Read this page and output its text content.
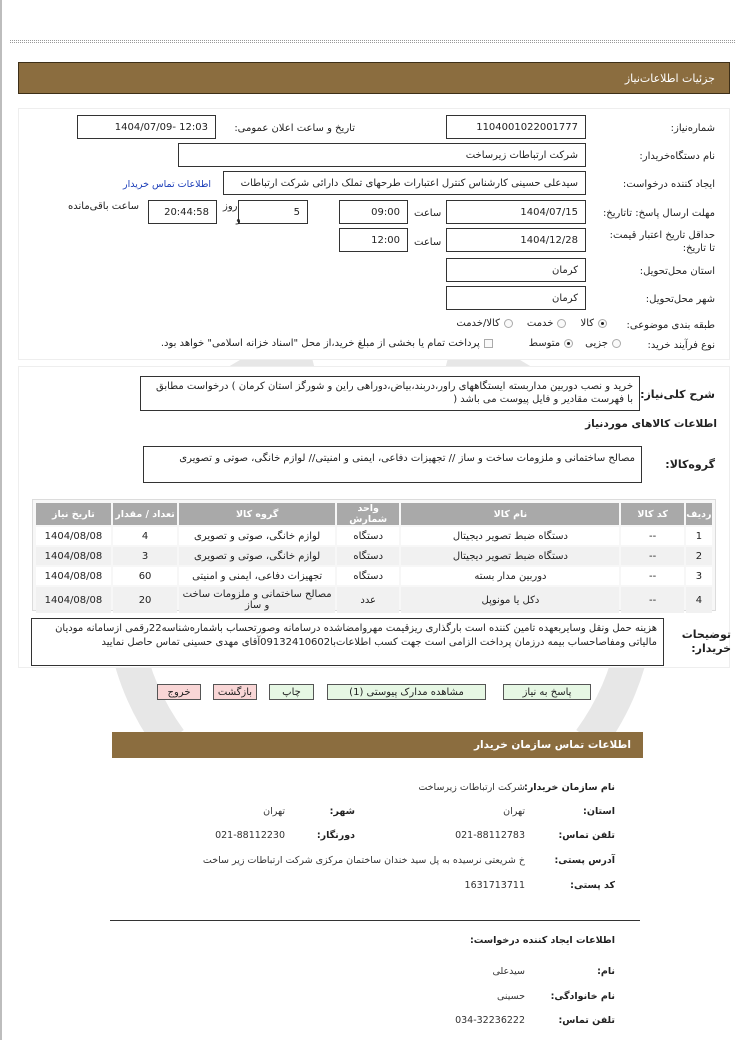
جزئیات اطلاعات‌نیاز
شماره‌نیاز:
1104001022001777
تاریخ و ساعت اعلان عمومی:
1404/07/09- 12:03
نام دستگاه‌خریدار:
شرکت ارتباطات زیرساخت
ایجاد کننده درخواست:
سیدعلی حسینی کارشناس کنترل اعتبارات طرحهای تملک دارائی شرکت ارتباطات
اطلاعات تماس خریدار
مهلت ارسال پاسخ: تاتاریخ:
1404/07/15
ساعت
09:00
5
روز
و
20:44:58
ساعت باقی‌مانده
حداقل تاریخ اعتبار قیمت: تا تاریخ:
1404/12/28
ساعت
12:00
استان محل‌تحویل:
کرمان
شهر محل‌تحویل:
کرمان
طبقه بندی موضوعی:
کالا
خدمت
کالا/خدمت
نوع فرآیند خرید:
جزیی
متوسط
پرداخت تمام یا بخشی از مبلغ خرید،از محل "اسناد خزانه اسلامی" خواهد بود.
شرح کلی‌نیاز:
خرید و نصب دوربین مداربسته ایستگاههای راور،دربند،بیاض،دوراهی راین و شورگز استان کرمان ) درخواست مطابق با فهرست مقادیر و فایل پیوست می باشد (
اطلاعات کالاهای موردنیاز
گروه‌کالا:
مصالح ساختمانی و ملزومات ساخت و ساز // تجهیزات دفاعی، ایمنی و امنیتی// لوازم خانگی، صوتی و تصویری
ردیف	کد کالا	نام کالا	واحد شمارش	گروه کالا	تعداد / مقدار	تاریخ نیاز
1	--	دستگاه ضبط تصویر دیجیتال	دستگاه	لوازم خانگی، صوتی و تصویری	4	1404/08/08
2	--	دستگاه ضبط تصویر دیجیتال	دستگاه	لوازم خانگی، صوتی و تصویری	3	1404/08/08
3	--	دوربین مدار بسته	دستگاه	تجهیزات دفاعی، ایمنی و امنیتی	60	1404/08/08
4	--	دکل یا مونوپل	عدد	مصالح ساختمانی و ملزومات ساخت و ساز	20	1404/08/08
توضیحات خریدار:
هزینه حمل ونقل وسایربعهده تامین کننده است بارگذاری ریزقیمت مهروامضاشده درسامانه وصورتحساب باشماره‌شناسه22رقمی ازسامانه مودیان مالیاتی ومفاصاحساب بیمه درزمان پرداخت الزامی است جهت کسب اطلاعات‌با09132410602آقای مهدی حسینی تماس حاصل نمایید
پاسخ به نیاز
مشاهده مدارک پیوستی (1)
چاپ
بازگشت
خروج
اطلاعات تماس سازمان خریدار
نام سازمان خریدار:
شرکت ارتباطات زیرساخت
استان:
تهران
شهر:
تهران
تلفن تماس:
021-88112783
دورنگار:
021-88112230
آدرس پستی:
خ شریعتی نرسیده به پل سید خندان ساختمان مرکزی شرکت ارتباطات زیر ساخت
کد پستی:
1631713711
اطلاعات ایجاد کننده درخواست:
نام:
سیدعلی
نام خانوادگی:
حسینی
تلفن تماس:
034-32236222
